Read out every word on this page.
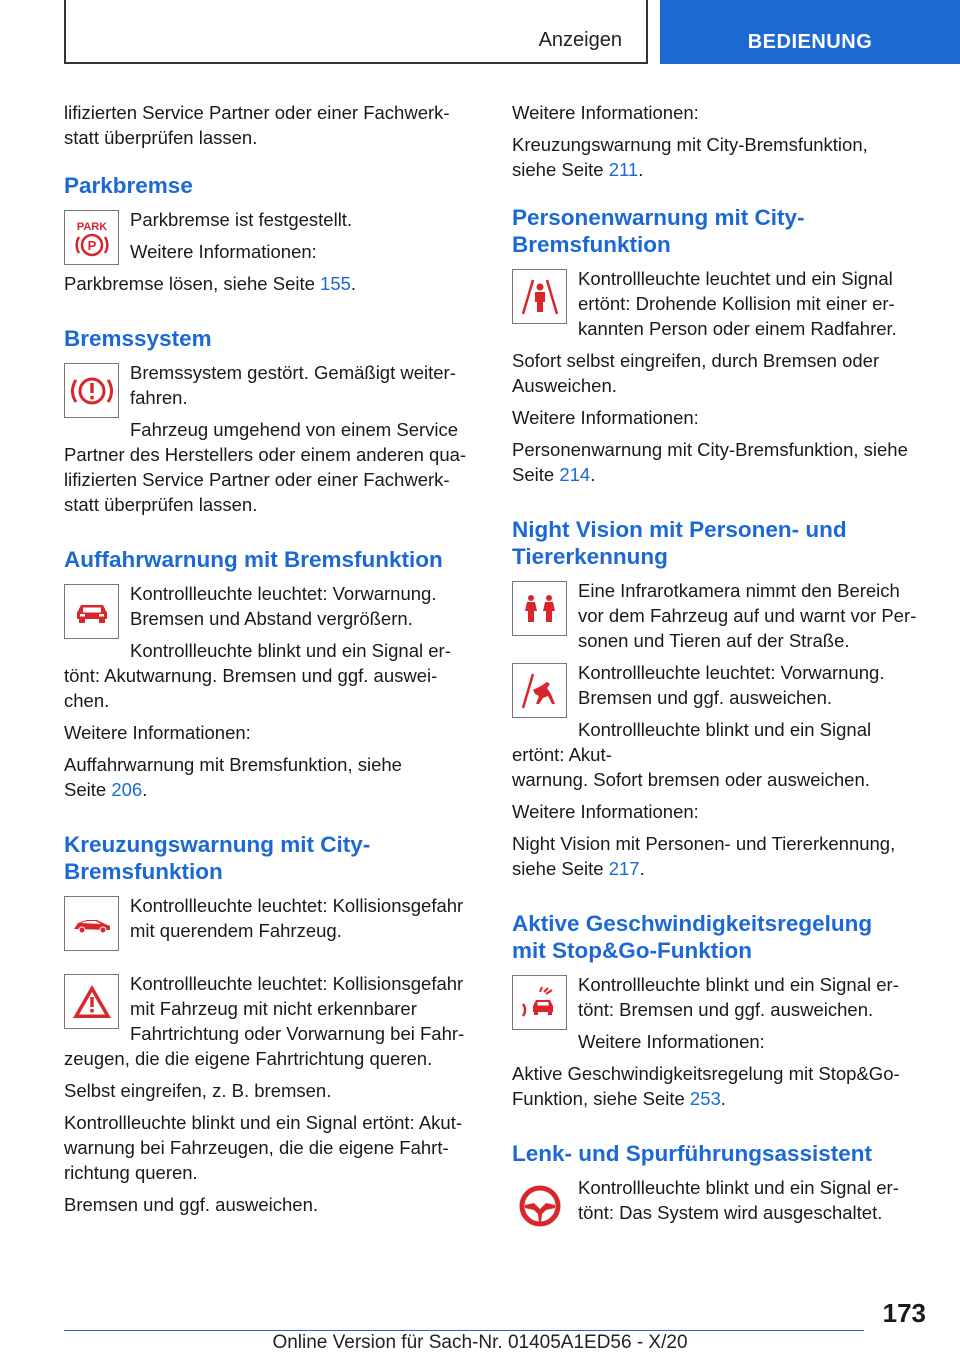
Anzeigen	BEDIENUNG

lifizierten Service Partner oder einer Fachwerk-
statt überprüfen lassen.

Parkbremse
PARK
P

Parkbremse ist festgestellt.

Weitere Informationen:

Parkbremse lösen, siehe Seite 155.

Bremssystem

Bremssystem gestört. Gemäßigt weiter-
fahren.

Fahrzeug umgehend von einem Service
Partner des Herstellers oder einem anderen qua-
lifizierten Service Partner oder einer Fachwerk-
statt überprüfen lassen.

Auffahrwarnung mit Bremsfunktion

Kontrollleuchte leuchtet: Vorwarnung.
Bremsen und Abstand vergrößern.

Kontrollleuchte blinkt und ein Signal er-
tönt: Akutwarnung. Bremsen und ggf. auswei-
chen.

Weitere Informationen:

Auffahrwarnung mit Bremsfunktion, siehe
Seite 206.

Kreuzungswarnung mit City-
Bremsfunktion

Kontrollleuchte leuchtet: Kollisionsgefahr
mit querendem Fahrzeug.

Kontrollleuchte leuchtet: Kollisionsgefahr
mit Fahrzeug mit nicht erkennbarer
Fahrtrichtung oder Vorwarnung bei Fahr-
zeugen, die die eigene Fahrtrichtung queren.

Selbst eingreifen, z. B. bremsen.

Kontrollleuchte blinkt und ein Signal ertönt: Akut-
warnung bei Fahrzeugen, die die eigene Fahrt-
richtung queren.

Bremsen und ggf. ausweichen.

Weitere Informationen:

Kreuzungswarnung mit City-Bremsfunktion,
siehe Seite 211.

Personenwarnung mit City-
Bremsfunktion

Kontrollleuchte leuchtet und ein Signal
ertönt: Drohende Kollision mit einer er-
kannten Person oder einem Radfahrer.

Sofort selbst eingreifen, durch Bremsen oder
Ausweichen.

Weitere Informationen:

Personenwarnung mit City-Bremsfunktion, siehe
Seite 214.

Night Vision mit Personen- und
Tiererkennung

Eine Infrarotkamera nimmt den Bereich
vor dem Fahrzeug auf und warnt vor Per-
sonen und Tieren auf der Straße.

Kontrollleuchte leuchtet: Vorwarnung.
Bremsen und ggf. ausweichen.

Kontrollleuchte blinkt und ein Signal ertönt: Akut-
warnung. Sofort bremsen oder ausweichen.

Weitere Informationen:

Night Vision mit Personen- und Tiererkennung,
siehe Seite 217.

Aktive Geschwindigkeitsregelung
mit Stop&Go-Funktion

Kontrollleuchte blinkt und ein Signal er-
tönt: Bremsen und ggf. ausweichen.

Weitere Informationen:

Aktive Geschwindigkeitsregelung mit Stop&Go-
Funktion, siehe Seite 253.

Lenk- und Spurführungsassistent

Kontrollleuchte blinkt und ein Signal er-
tönt: Das System wird ausgeschaltet.

173
Online Version für Sach-Nr. 01405A1ED56 - X/20
